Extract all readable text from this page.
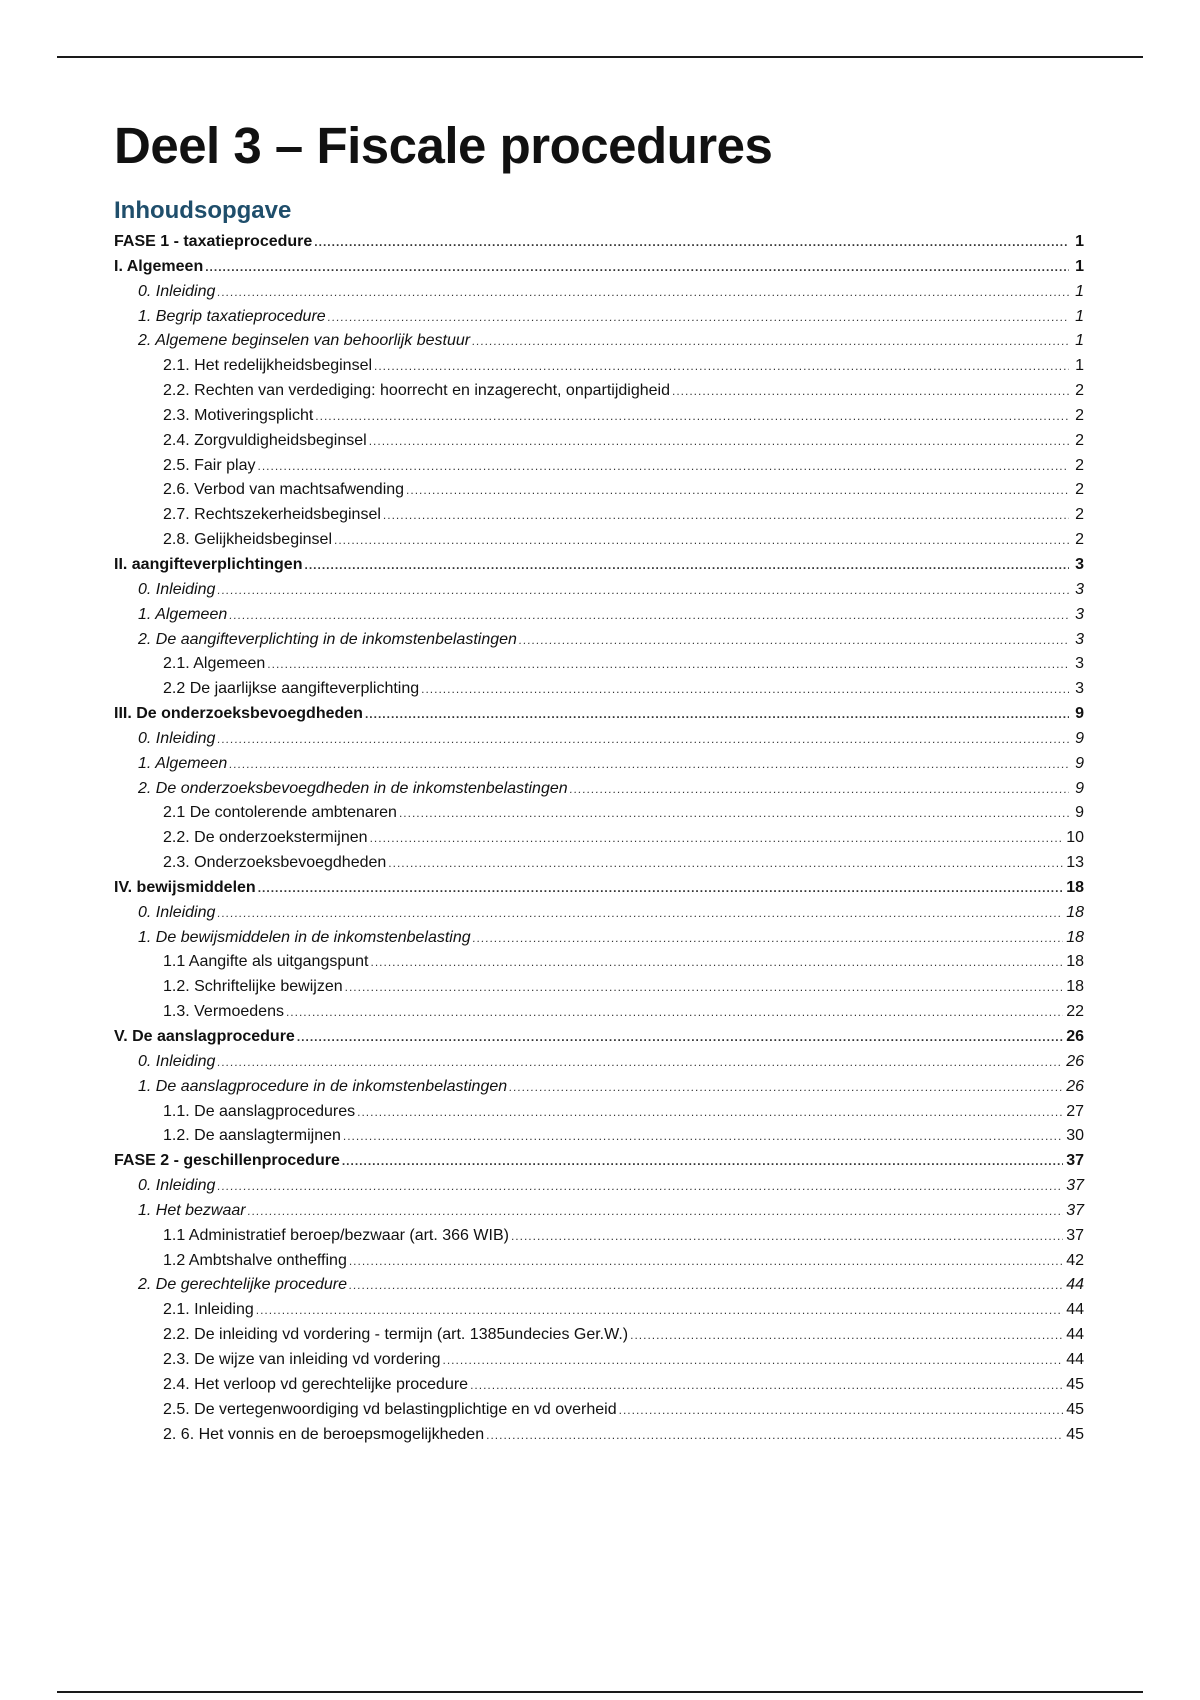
Deel 3 – Fiscale procedures
Inhoudsopgave
FASE 1 - taxatieprocedure .....	1
I. Algemeen .....	1
0. Inleiding .....	1
1. Begrip taxatieprocedure .....	1
2. Algemene beginselen van behoorlijk bestuur .....	1
2.1. Het redelijkheidsbeginsel .....	1
2.2. Rechten van verdediging: hoorrecht en inzagerecht, onpartijdigheid .....	2
2.3. Motiveringsplicht .....	2
2.4. Zorgvuldigheidsbeginsel .....	2
2.5. Fair play .....	2
2.6. Verbod van machtsafwending .....	2
2.7. Rechtszekerheidsbeginsel .....	2
2.8. Gelijkheidsbeginsel .....	2
II. aangifteverplichtingen .....	3
0. Inleiding .....	3
1. Algemeen .....	3
2. De aangifteverplichting in de inkomstenbelastingen .....	3
2.1. Algemeen .....	3
2.2 De jaarlijkse aangifteverplichting .....	3
III. De onderzoeksbevoegdheden .....	9
0. Inleiding .....	9
1. Algemeen .....	9
2. De onderzoeksbevoegdheden in de inkomstenbelastingen .....	9
2.1 De contolerende ambtenaren .....	9
2.2. De onderzoekstermijnen .....	10
2.3. Onderzoeksbevoegdheden .....	13
IV. bewijsmiddelen .....	18
0. Inleiding .....	18
1. De bewijsmiddelen in de inkomstenbelasting .....	18
1.1 Aangifte als uitgangspunt .....	18
1.2. Schriftelijke bewijzen .....	18
1.3. Vermoedens .....	22
V. De aanslagprocedure .....	26
0. Inleiding .....	26
1. De aanslagprocedure in de inkomstenbelastingen .....	26
1.1. De aanslagprocedures .....	27
1.2. De aanslagtermijnen .....	30
FASE 2 - geschillenprocedure .....	37
0. Inleiding .....	37
1. Het bezwaar .....	37
1.1 Administratief beroep/bezwaar (art. 366 WIB) .....	37
1.2 Ambtshalve ontheffing .....	42
2. De gerechtelijke procedure .....	44
2.1. Inleiding .....	44
2.2. De inleiding vd vordering - termijn (art. 1385undecies Ger.W.) .....	44
2.3. De wijze van inleiding vd vordering .....	44
2.4. Het verloop vd gerechtelijke procedure .....	45
2.5. De vertegenwoordiging vd belastingplichtige en vd overheid .....	45
2. 6. Het vonnis en de beroepsmogelijkheden .....	45
